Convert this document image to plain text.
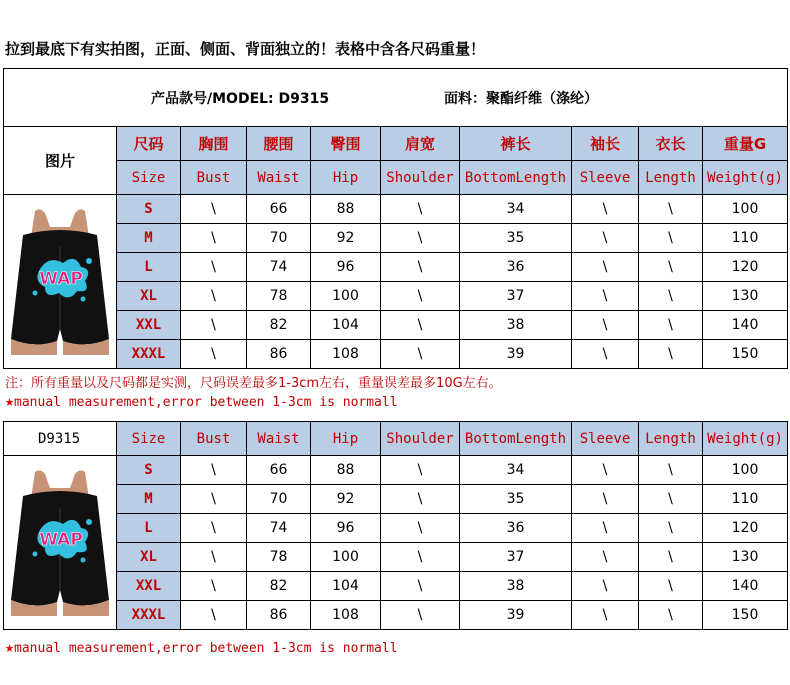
拉到最底下有实拍图，正面、侧面、背面独立的！表格中含各尺码重量！
产品款号/MODEL: D9315 面料：聚酯纤维（涤纶）									
图片	尺码	胸围	腰围	臀围	肩宽	裤长	袖长	衣长	重量G
	Size	Bust	Waist	Hip	Shoulder	BottomLength	Sleeve	Length	Weight(g)

WAP	S	\	66	88	\	34	\	\	100
	M	\	70	92	\	35	\	\	110
	L	\	74	96	\	36	\	\	120
	XL	\	78	100	\	37	\	\	130
	XXL	\	82	104	\	38	\	\	140
	XXXL	\	86	108	\	39	\	\	150
注：所有重量以及尺码都是实测，尺码误差最多1-3cm左右，重量误差最多10G左右。
★manual measurement,error between 1-3cm is normall
D9315	Size	Bust	Waist	Hip	Shoulder	BottomLength	Sleeve	Length	Weight(g)

WAP	S	\	66	88	\	34	\	\	100
	M	\	70	92	\	35	\	\	110
	L	\	74	96	\	36	\	\	120
	XL	\	78	100	\	37	\	\	130
	XXL	\	82	104	\	38	\	\	140
	XXXL	\	86	108	\	39	\	\	150
★manual measurement,error between 1-3cm is normall
